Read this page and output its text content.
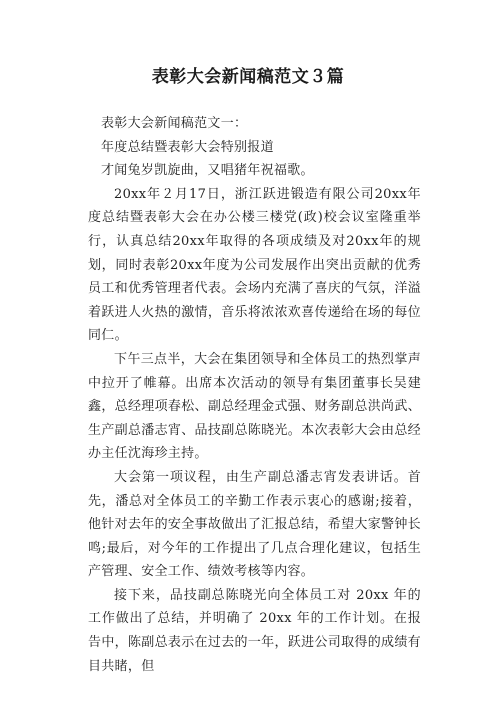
表彰大会新闻稿范文３篇

表彰大会新闻稿范文一：

年度总结暨表彰大会特别报道

才闻兔岁凯旋曲，又唱猪年祝福歌。

20xx年２月17日，浙江跃进锻造有限公司20xx年度总结暨表彰大会在办公楼三楼党(政)校会议室隆重举行，认真总结20xx年取得的各项成绩及对20xx年的规划，同时表彰20xx年度为公司发展作出突出贡献的优秀员工和优秀管理者代表。会场内充满了喜庆的气氛，洋溢着跃进人火热的激情，音乐将浓浓欢喜传递给在场的每位同仁。

下午三点半，大会在集团领导和全体员工的热烈掌声中拉开了帷幕。出席本次活动的领导有集团董事长吴建鑫，总经理项春松、副总经理金式强、财务副总洪尚武、生产副总潘志宵、品技副总陈晓光。本次表彰大会由总经办主任沈海珍主持。

大会第一项议程，由生产副总潘志宵发表讲话。首先，潘总对全体员工的辛勤工作表示衷心的感谢;接着，他针对去年的安全事故做出了汇报总结，希望大家警钟长鸣;最后，对今年的工作提出了几点合理化建议，包括生产管理、安全工作、绩效考核等内容。

接下来，品技副总陈晓光向全体员工对 20xx 年的工作做出了总结，并明确了 20xx 年的工作计划。在报告中，陈副总表示在过去的一年，跃进公司取得的成绩有目共睹，但
